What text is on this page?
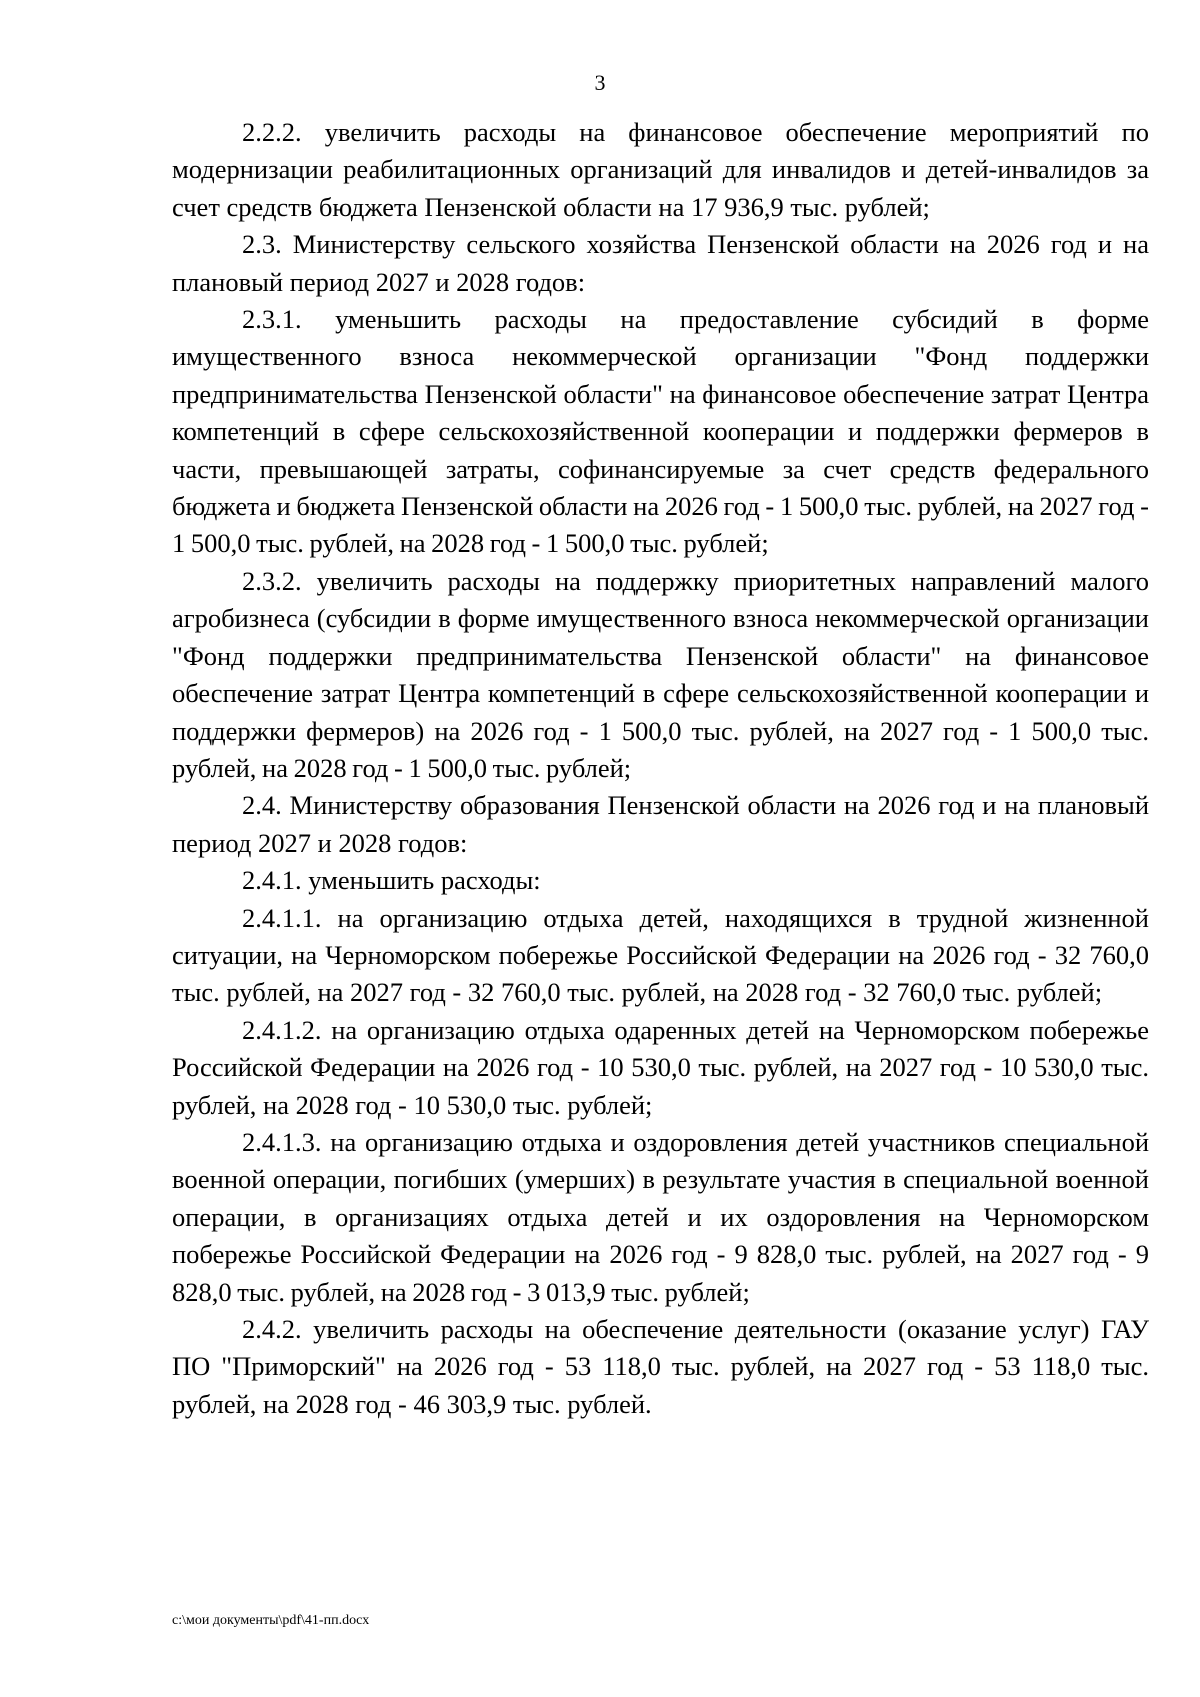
3

2.2.2. увеличить расходы на финансовое обеспечение мероприятий по модернизации реабилитационных организаций для инвалидов и детей-инвалидов за счет средств бюджета Пензенской области на 17 936,9 тыс. рублей;

2.3. Министерству сельского хозяйства Пензенской области на 2026 год и на плановый период 2027 и 2028 годов:

2.3.1. уменьшить расходы на предоставление субсидий в форме имущественного взноса некоммерческой организации "Фонд поддержки предпринимательства Пензенской области" на финансовое обеспечение затрат Центра компетенций в сфере сельскохозяйственной кооперации и поддержки фермеров в части, превышающей затраты, софинансируемые за счет средств федерального бюджета и бюджета Пензенской области на 2026 год - 1 500,0 тыс. рублей, на 2027 год - 1 500,0 тыс. рублей, на 2028 год - 1 500,0 тыс. рублей;

2.3.2. увеличить расходы на поддержку приоритетных направлений малого агробизнеса (субсидии в форме имущественного взноса некоммерческой организации "Фонд поддержки предпринимательства Пензенской области" на финансовое обеспечение затрат Центра компетенций в сфере сельскохозяйственной кооперации и поддержки фермеров) на 2026 год - 1 500,0 тыс. рублей, на 2027 год - 1 500,0 тыс. рублей, на 2028 год - 1 500,0 тыс. рублей;

2.4. Министерству образования Пензенской области на 2026 год и на плановый период 2027 и 2028 годов:

2.4.1. уменьшить расходы:

2.4.1.1. на организацию отдыха детей, находящихся в трудной жизненной ситуации, на Черноморском побережье Российской Федерации на 2026 год - 32 760,0 тыс. рублей, на 2027 год - 32 760,0 тыс. рублей, на 2028 год - 32 760,0 тыс. рублей;

2.4.1.2. на организацию отдыха одаренных детей на Черноморском побережье Российской Федерации на 2026 год - 10 530,0 тыс. рублей, на 2027 год - 10 530,0 тыс. рублей, на 2028 год - 10 530,0 тыс. рублей;

2.4.1.3. на организацию отдыха и оздоровления детей участников специальной военной операции, погибших (умерших) в результате участия в специальной военной операции, в организациях отдыха детей и их оздоровления на Черноморском побережье Российской Федерации на 2026 год - 9 828,0 тыс. рублей, на 2027 год - 9 828,0 тыс. рублей, на 2028 год - 3 013,9 тыс. рублей;

2.4.2. увеличить расходы на обеспечение деятельности (оказание услуг) ГАУ ПО "Приморский" на 2026 год - 53 118,0 тыс. рублей, на 2027 год - 53 118,0 тыс. рублей, на 2028 год - 46 303,9 тыс. рублей.

c:\мои документы\pdf\41-пп.docx
